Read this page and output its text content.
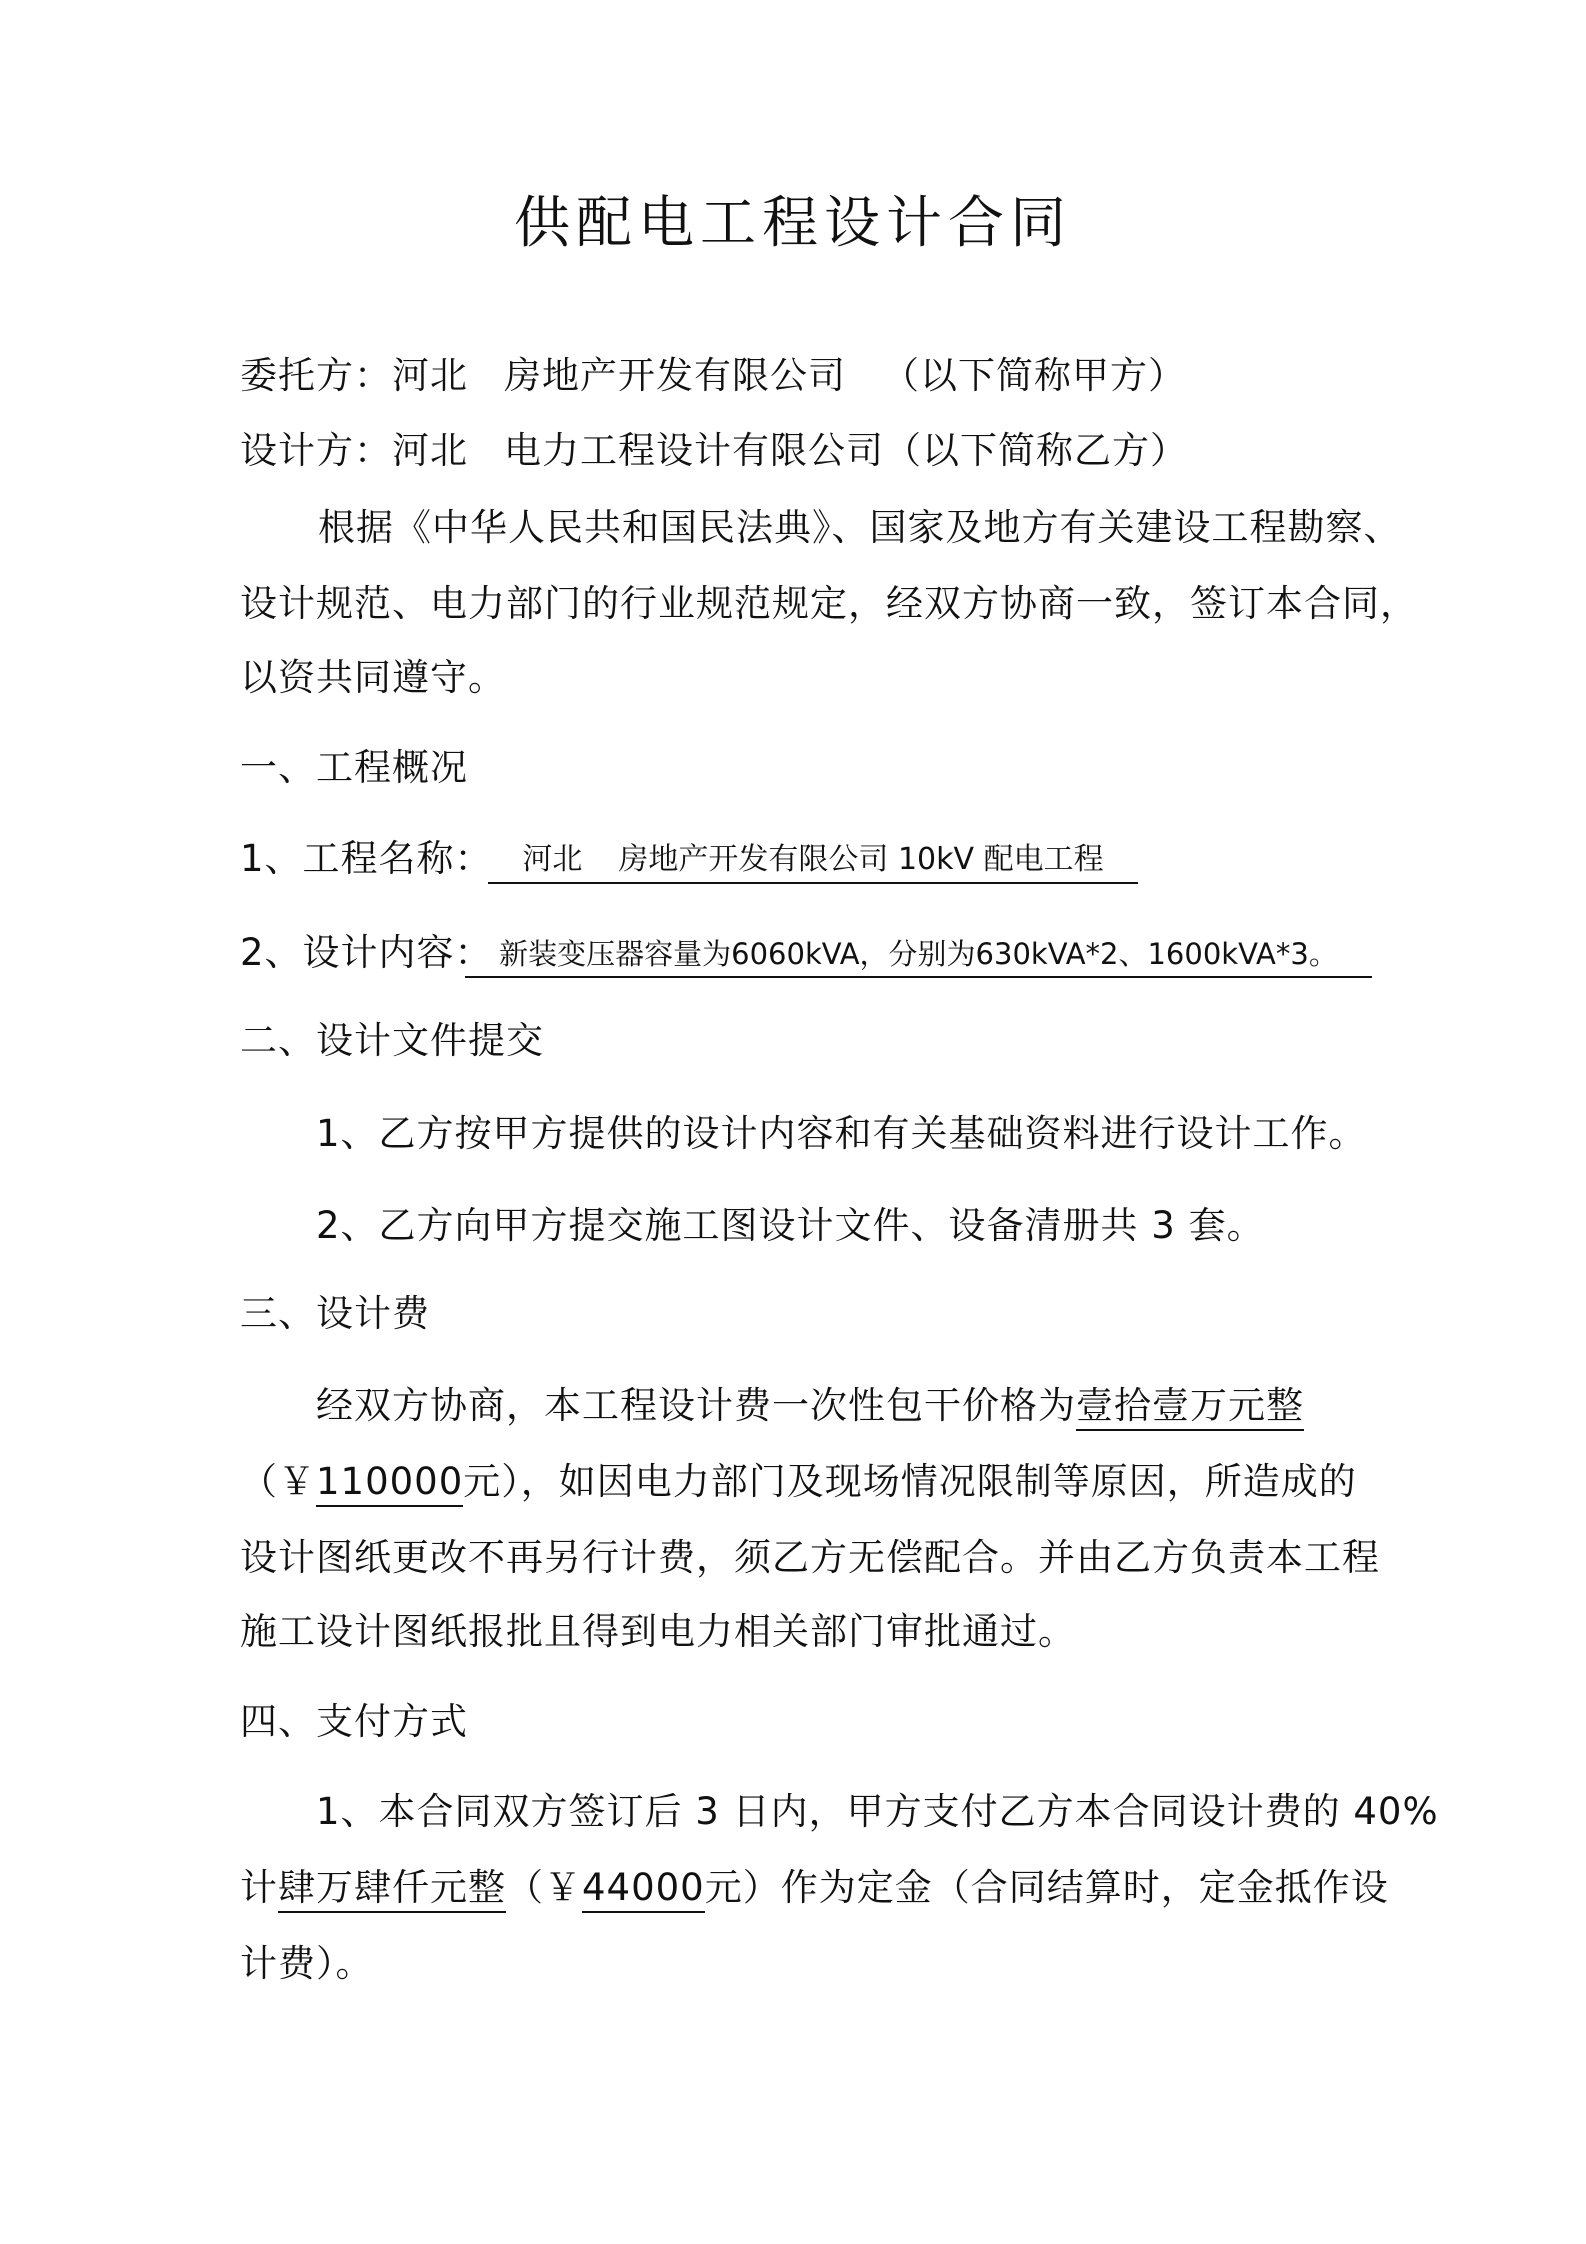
供配电工程设计合同
委托方：河北 房地产开发有限公司 （以下简称甲方）
设计方：河北 电力工程设计有限公司（以下简称乙方）
根据《中华人民共和国民法典》、国家及地方有关建设工程勘察、
设计规范、电力部门的行业规范规定，经双方协商一致，签订本合同，
以资共同遵守。
一、工程概况
1、工程名称： 河北 房地产开发有限公司 10kV 配电工程
2、设计内容： 新装变压器容量为6060kVA，分别为630kVA*2、1600kVA*3。
二、设计文件提交
1、乙方按甲方提供的设计内容和有关基础资料进行设计工作。
2、乙方向甲方提交施工图设计文件、设备清册共 3 套。
三、设计费
经双方协商，本工程设计费一次性包干价格为壹拾壹万元整
（￥110000元），如因电力部门及现场情况限制等原因，所造成的
设计图纸更改不再另行计费，须乙方无偿配合。并由乙方负责本工程
施工设计图纸报批且得到电力相关部门审批通过。
四、支付方式
1、本合同双方签订后 3 日内，甲方支付乙方本合同设计费的 40%
计肆万肆仟元整（￥44000元）作为定金（合同结算时，定金抵作设
计费）。
